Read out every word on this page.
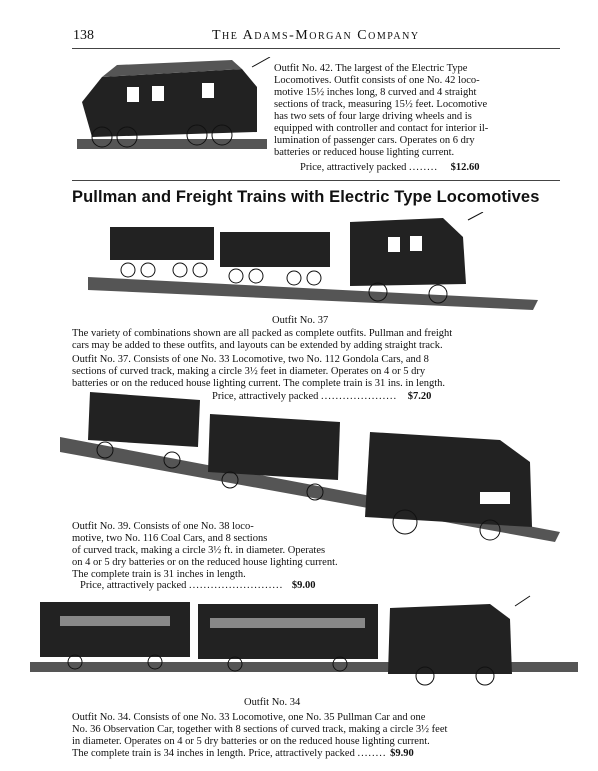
138	The Adams-Morgan Company
Outfit No. 42. The largest of the Electric Type
Locomotives. Outfit consists of one No. 42 loco-
motive 15½ inches long, 8 curved and 4 straight
sections of track, measuring 15½ feet. Locomotive
has two sets of four large driving wheels and is
equipped with controller and contact for interior il-
lumination of passenger cars. Operates on 6 dry
batteries or reduced house lighting current.
Price, attractively packed ........ $12.60
Pullman and Freight Trains with Electric Type Locomotives
Outfit No. 37
The variety of combinations shown are all packed as complete outfits. Pullman and freight
cars may be added to these outfits, and layouts can be extended by adding straight track.
Outfit No. 37. Consists of one No. 33 Locomotive, two No. 112 Gondola Cars, and 8
sections of curved track, making a circle 3½ feet in diameter. Operates on 4 or 5 dry
batteries or on the reduced house lighting current. The complete train is 31 ins. in length.
Price, attractively packed ..................... $7.20
Outfit No. 39. Consists of one No. 38 loco-
motive, two No. 116 Coal Cars, and 8 sections
of curved track, making a circle 3½ ft. in diameter. Operates
on 4 or 5 dry batteries or on the reduced house lighting current.
The complete train is 31 inches in length.
Price, attractively packed .......................... $9.00
Outfit No. 34
Outfit No. 34. Consists of one No. 33 Locomotive, one No. 35 Pullman Car and one
No. 36 Observation Car, together with 8 sections of curved track, making a circle 3½ feet
in diameter. Operates on 4 or 5 dry batteries or on the reduced house lighting current.
The complete train is 34 inches in length. Price, attractively packed ........ $9.90
